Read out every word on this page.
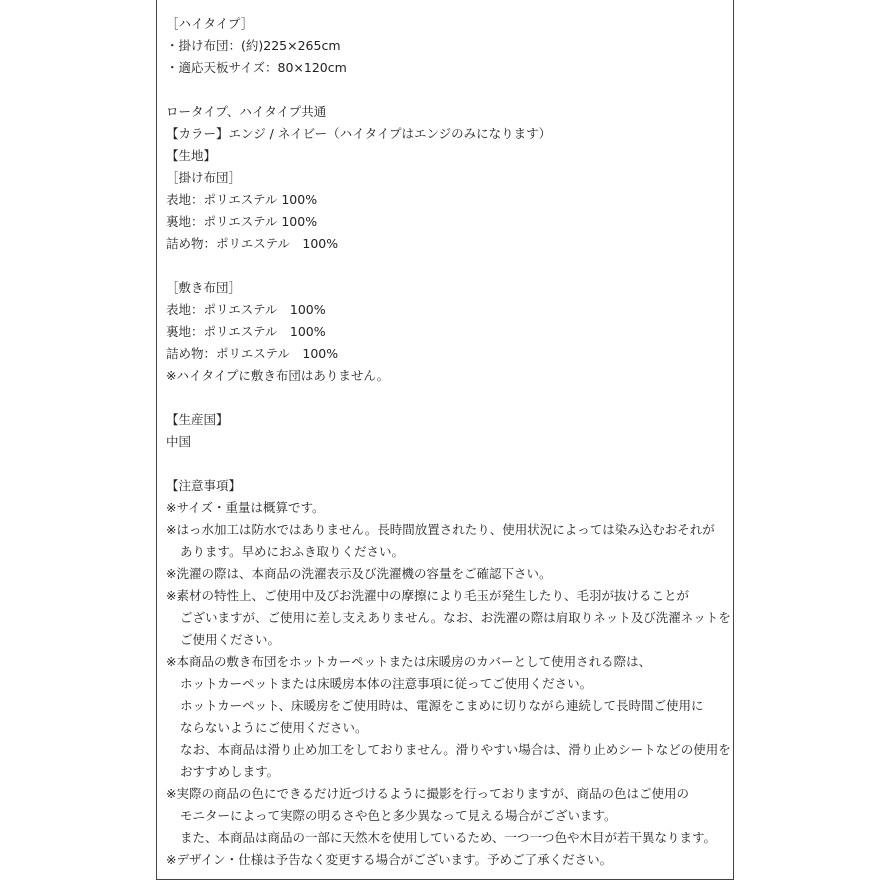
［ハイタイプ］
・掛け布団：(約)225×265cm
・適応天板サイズ：80×120cm
ロータイプ、ハイタイプ共通
【カラー】エンジ / ネイビー（ハイタイプはエンジのみになります）
【生地】
［掛け布団］
表地：ポリエステル 100%
裏地：ポリエステル 100%
詰め物：ポリエステル　100%
［敷き布団］
表地：ポリエステル　100%
裏地：ポリエステル　100%
詰め物：ポリエステル　100%
※ハイタイプに敷き布団はありません。
【生産国】
中国
【注意事項】
※サイズ・重量は概算です。
※はっ水加工は防水ではありません。長時間放置されたり、使用状況によっては染み込むおそれが
あります。早めにおふき取りください。
※洗濯の際は、本商品の洗濯表示及び洗濯機の容量をご確認下さい。
※素材の特性上、ご使用中及びお洗濯中の摩擦により毛玉が発生したり、毛羽が抜けることが
ございますが、ご使用に差し支えありません。なお、お洗濯の際は肩取りネット及び洗濯ネットを
ご使用ください。
※本商品の敷き布団をホットカーペットまたは床暖房のカバーとして使用される際は、
ホットカーペットまたは床暖房本体の注意事項に従ってご使用ください。
ホットカーペット、床暖房をご使用時は、電源をこまめに切りながら連続して長時間ご使用に
ならないようにご使用ください。
なお、本商品は滑り止め加工をしておりません。滑りやすい場合は、滑り止めシートなどの使用を
おすすめします。
※実際の商品の色にできるだけ近づけるように撮影を行っておりますが、商品の色はご使用の
モニターによって実際の明るさや色と多少異なって見える場合がございます。
また、本商品は商品の一部に天然木を使用しているため、一つ一つ色や木目が若干異なります。
※デザイン・仕様は予告なく変更する場合がございます。予めご了承ください。
